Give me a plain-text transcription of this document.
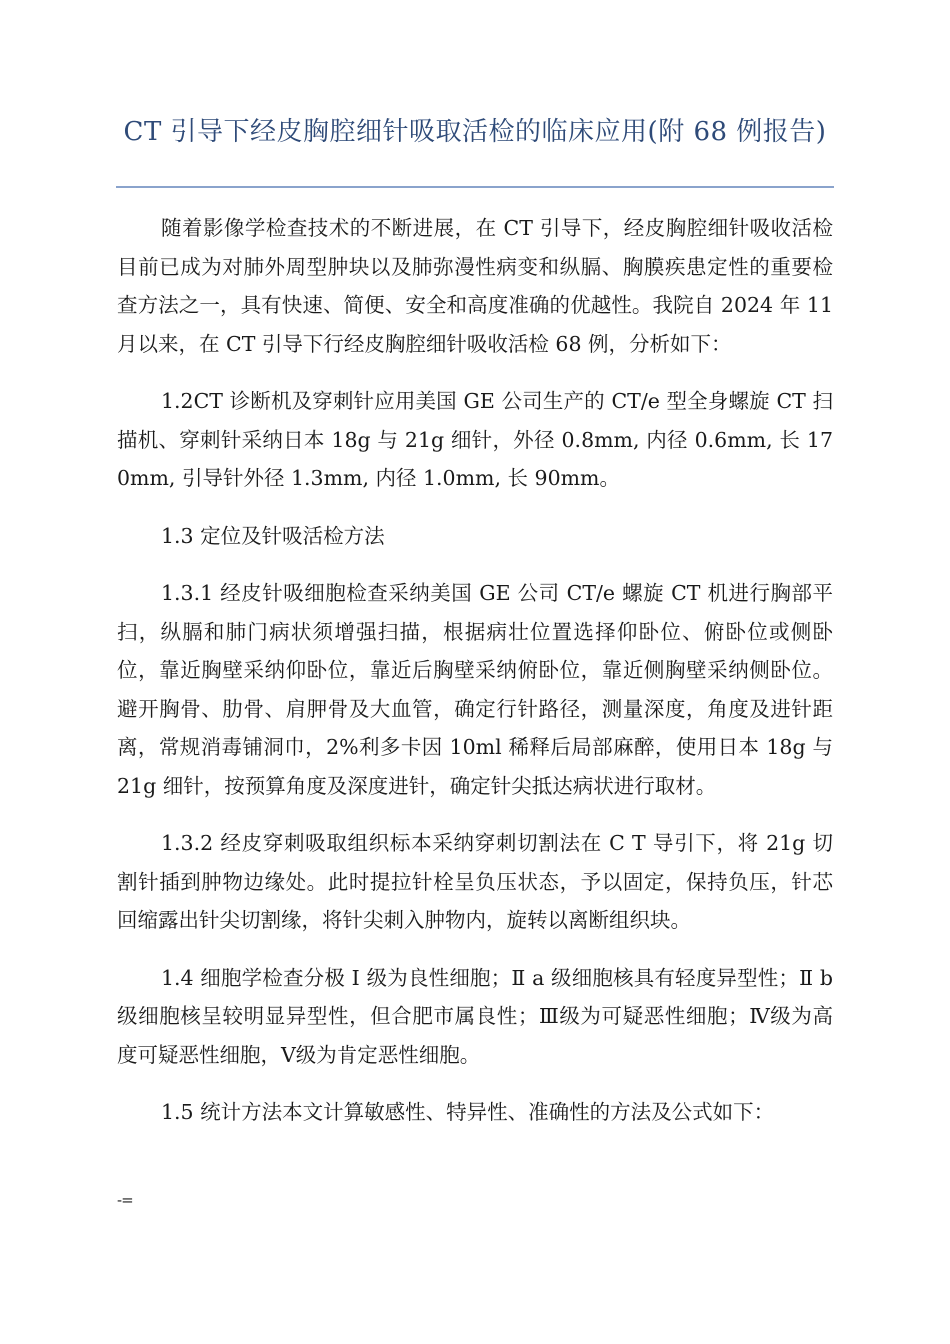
CT 引导下经皮胸腔细针吸取活检的临床应用(附 68 例报告)

随着影像学检查技术的不断进展，在 CT 引导下，经皮胸腔细针吸收活检目前已成为对肺外周型肿块以及肺弥漫性病变和纵膈、胸膜疾患定性的重要检查方法之一，具有快速、简便、安全和高度准确的优越性。我院自 2024 年 11 月以来，在 CT 引导下行经皮胸腔细针吸收活检 68 例，分析如下：

1.2CT 诊断机及穿刺针应用美国 GE 公司生产的 CT/e 型全身螺旋 CT 扫描机、穿刺针采纳日本 18g 与 21g 细针，外径 0.8mm, 内径 0.6mm, 长 170mm, 引导针外径 1.3mm, 内径 1.0mm, 长 90mm。

1.3 定位及针吸活检方法

1.3.1 经皮针吸细胞检查采纳美国 GE 公司 CT/e 螺旋 CT 机进行胸部平扫，纵膈和肺门病状须增强扫描，根据病壮位置选择仰卧位、俯卧位或侧卧位，靠近胸壁采纳仰卧位，靠近后胸壁采纳俯卧位，靠近侧胸壁采纳侧卧位。避开胸骨、肋骨、肩胛骨及大血管，确定行针路径，测量深度，角度及进针距离，常规消毒铺洞巾，2%利多卡因 10ml 稀释后局部麻醉，使用日本 18g 与 21g 细针，按预算角度及深度进针，确定针尖抵达病状进行取材。

1.3.2 经皮穿刺吸取组织标本采纳穿刺切割法在 C T 导引下，将 21g 切割针插到肿物边缘处。此时提拉针栓呈负压状态，予以固定，保持负压，针芯回缩露出针尖切割缘，将针尖刺入肿物内，旋转以离断组织块。

1.4 细胞学检查分极 Ⅰ 级为良性细胞；Ⅱ a 级细胞核具有轻度异型性；Ⅱ b 级细胞核呈较明显异型性，但合肥市属良性；Ⅲ级为可疑恶性细胞；Ⅳ级为高度可疑恶性细胞，Ⅴ级为肯定恶性细胞。

1.5 统计方法本文计算敏感性、特异性、准确性的方法及公式如下：

-=
